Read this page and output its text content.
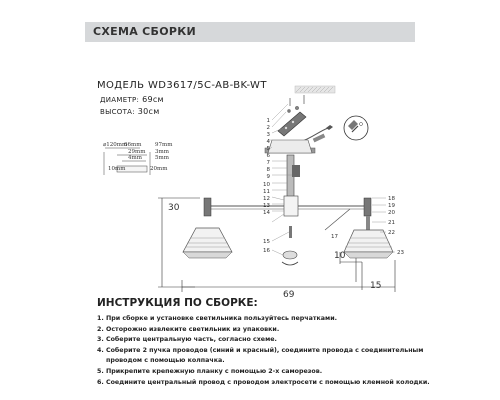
СХЕМА СБОРКИ
МОДЕЛЬ WD3617/5C-AB-BK-WT
ДИАМЕТР: 69см
ВЫСОТА: 30см
⌀120mm
66mm 97mm
29mm 3mm
10mm	20mm
4mm 5mm
30
69
10
15
1
2
3
4
5
6
7
8
9
10
11
12
13
14
15
16
17
18
19
20
21
22
23
ИНСТРУКЦИЯ ПО СБОРКЕ:
1. При сборке и установке светильника пользуйтесь перчатками.
2. Осторожно извлеките светильник из упаковки.
3. Соберите центральную часть, согласно схеме.
4. Соберите 2 пучка проводов (синий и красный), соедините провода с соединительным
проводом с помощью колпачка.
5. Прикрепите крепежную планку с помощью 2-х саморезов.
6. Соедините центральный провод с проводом электросети с помощью клемной колодки.
